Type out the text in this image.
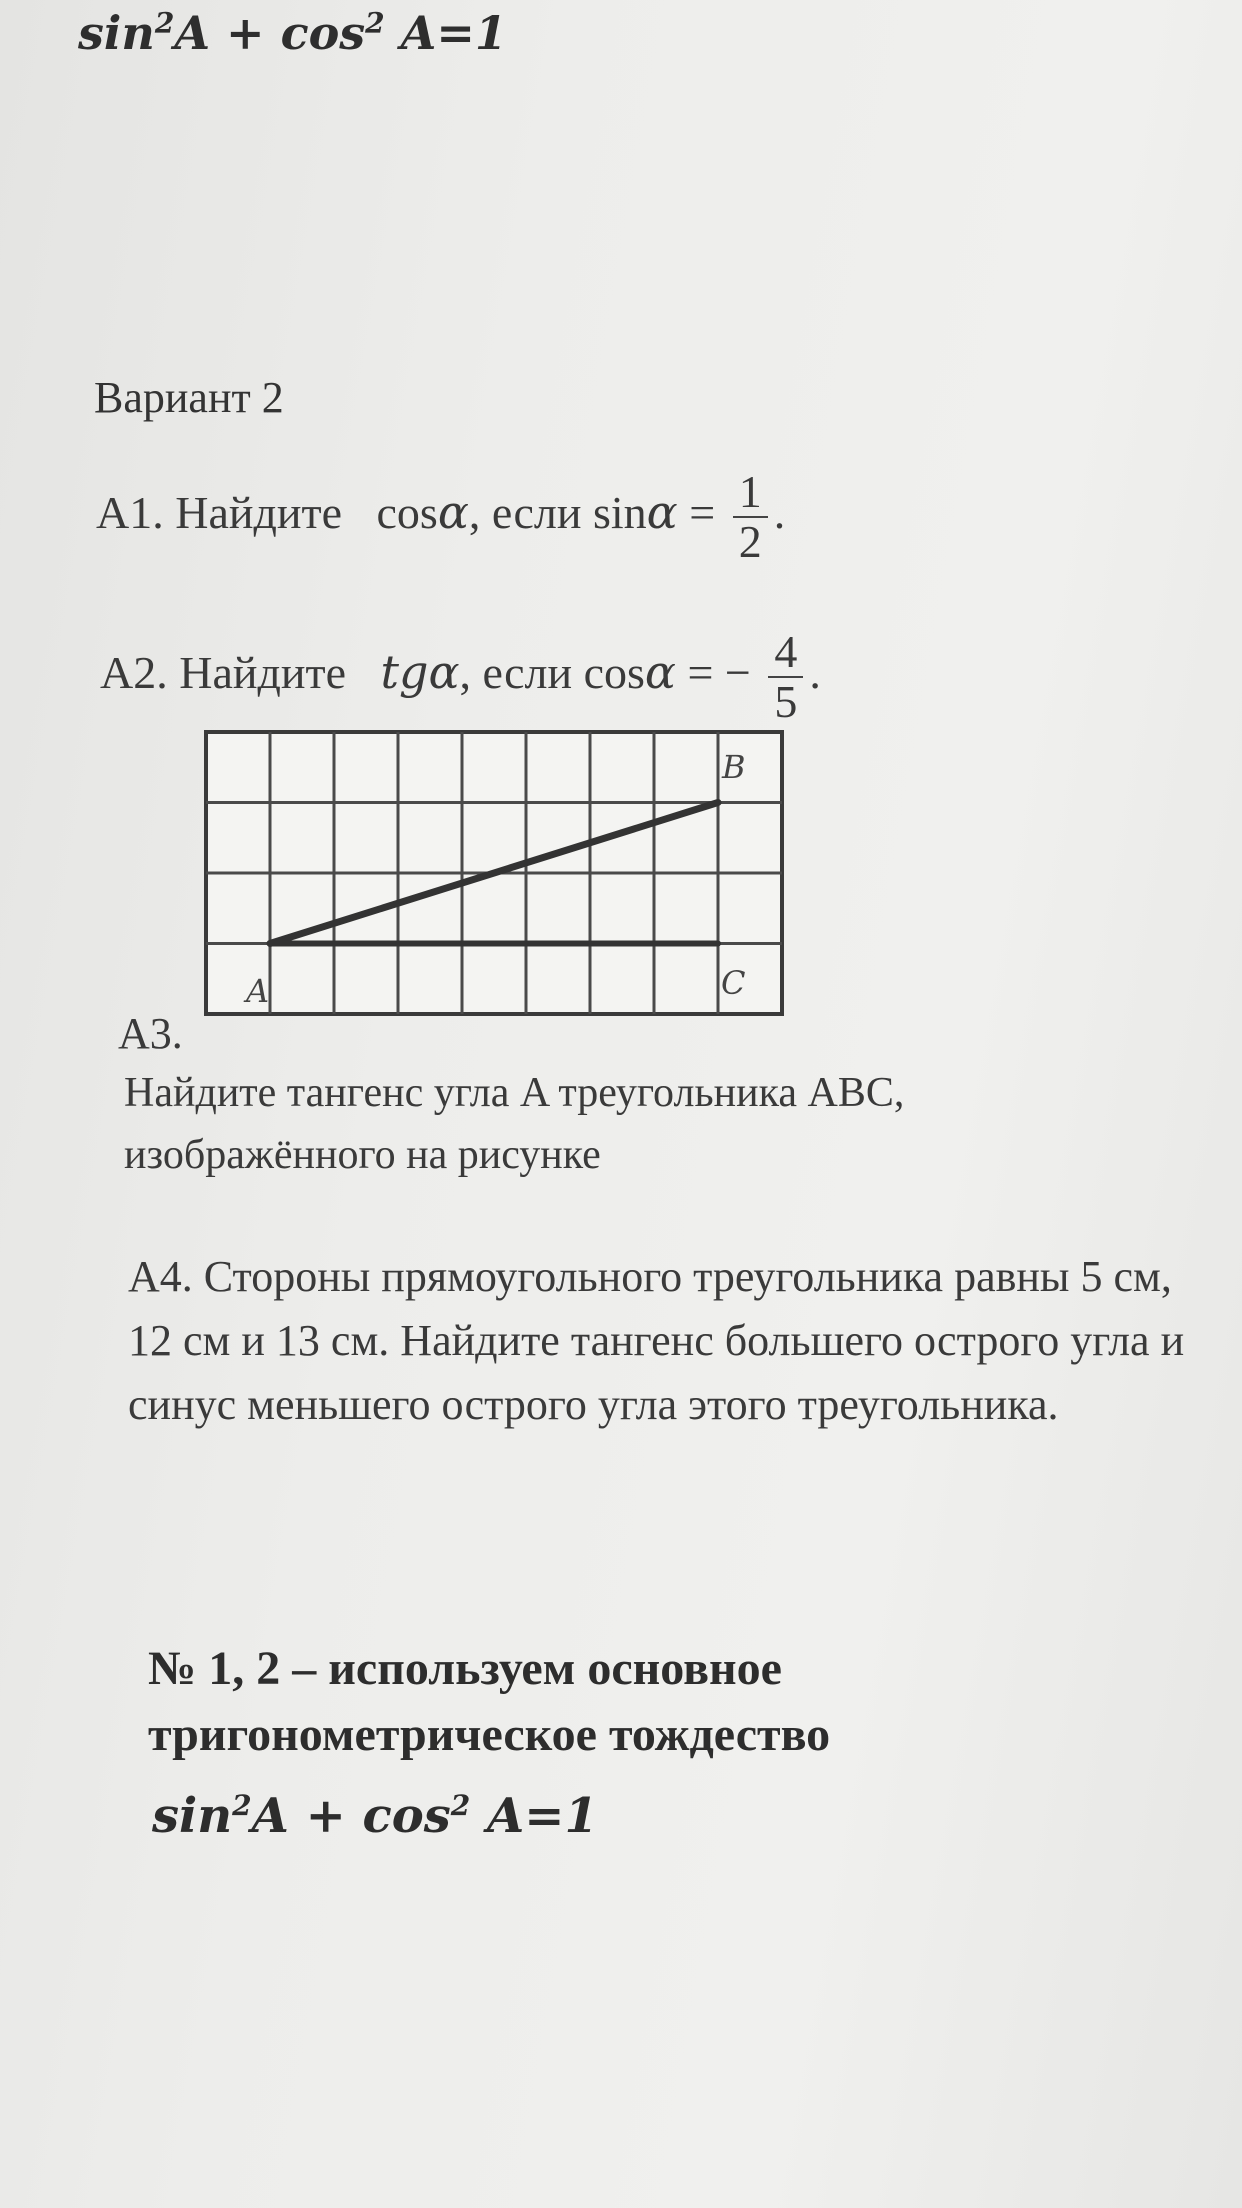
$\sin^2A + \cos^2 A=1$
Вариант 2
A1. Найдите cosα, если $\sin\alpha = \frac{1}{2}$ .
A2. Найдите tgα, если cosα = − $\frac{4}{5}$ .
A
B
C
A3.
Найдите тангенс угла A треугольника ABC, изображённого на рисунке
A4. Стороны прямоугольного треугольника равны 5 см, 12 см и 13 см. Найдите тангенс большего острого угла и синус меньшего острого угла этого треугольника.
№ 1, 2 – используем основное тригонометрическое тождество
$\sin^2A + \cos^2 A=1$
